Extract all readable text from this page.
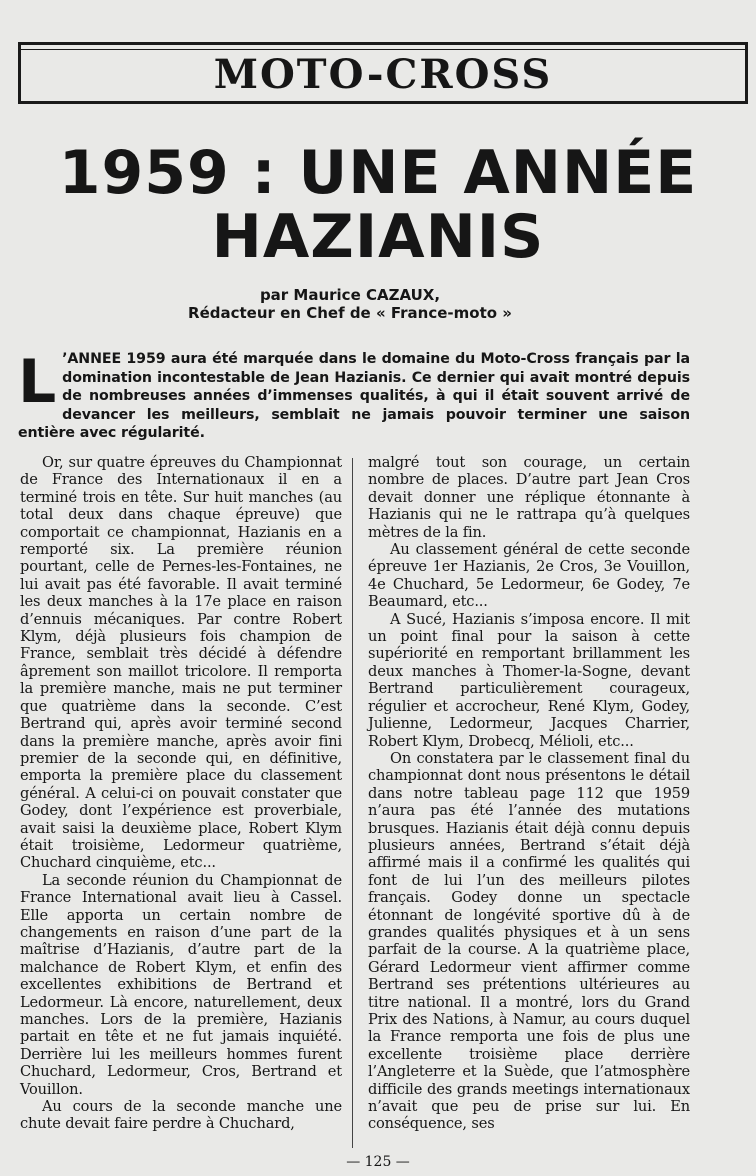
MOTO-CROSS
1959 : UNE ANNÉE
HAZIANIS
par Maurice CAZAUX,
Rédacteur en Chef de « France-moto »
L ’ANNEE 1959 aura été marquée dans le domaine du Moto-Cross français par la domination incontestable de Jean Hazianis. Ce dernier qui avait montré depuis de nombreuses années d’immenses qualités, à qui il était souvent arrivé de devancer les meilleurs, semblait ne jamais pouvoir terminer une saison entière avec régularité.

Or, sur quatre épreuves du Championnat de France des Internationaux il en a terminé trois en tête. Sur huit manches (au total deux dans chaque épreuve) que comportait ce championnat, Hazianis en a remporté six. La première réunion pourtant, celle de Pernes-les-Fontaines, ne lui avait pas été favorable. Il avait terminé les deux manches à la 17e place en raison d’ennuis mécaniques. Par contre Robert Klym, déjà plusieurs fois champion de France, semblait très décidé à défendre âprement son maillot tricolore. Il remporta la première manche, mais ne put terminer que quatrième dans la seconde. C’est Bertrand qui, après avoir terminé second dans la première manche, après avoir fini premier de la seconde qui, en définitive, emporta la première place du classement général. A celui-ci on pouvait constater que Godey, dont l’expérience est proverbiale, avait saisi la deuxième place, Robert Klym était troisième, Ledormeur quatrième, Chuchard cinquième, etc...

La seconde réunion du Championnat de France International avait lieu à Cassel. Elle apporta un certain nombre de changements en raison d’une part de la maîtrise d’Hazianis, d’autre part de la malchance de Robert Klym, et enfin des excellentes exhibitions de Bertrand et Ledormeur. Là encore, naturellement, deux manches. Lors de la première, Hazianis partait en tête et ne fut jamais inquiété. Derrière lui les meilleurs hommes furent Chuchard, Ledormeur, Cros, Bertrand et Vouillon.

Au cours de la seconde manche une chute devait faire perdre à Chuchard,

malgré tout son courage, un certain nombre de places. D’autre part Jean Cros devait donner une réplique étonnante à Hazianis qui ne le rattrapa qu’à quelques mètres de la fin.

Au classement général de cette seconde épreuve 1er Hazianis, 2e Cros, 3e Vouillon, 4e Chuchard, 5e Ledormeur, 6e Godey, 7e Beaumard, etc...

A Sucé, Hazianis s’imposa encore. Il mit un point final pour la saison à cette supériorité en remportant brillamment les deux manches à Thomer-la-Sogne, devant Bertrand particulièrement courageux, régulier et accrocheur, René Klym, Godey, Julienne, Ledormeur, Jacques Charrier, Robert Klym, Drobecq, Mélioli, etc...

On constatera par le classement final du championnat dont nous présentons le détail dans notre tableau page 112 que 1959 n’aura pas été l’année des mutations brusques. Hazianis était déjà connu depuis plusieurs années, Bertrand s’était déjà affirmé mais il a confirmé les qualités qui font de lui l’un des meilleurs pilotes français. Godey donne un spectacle étonnant de longévité sportive dû à de grandes qualités physiques et à un sens parfait de la course. A la quatrième place, Gérard Ledormeur vient affirmer comme Bertrand ses prétentions ultérieures au titre national. Il a montré, lors du Grand Prix des Nations, à Namur, au cours duquel la France remporta une fois de plus une excellente troisième place derrière l’Angleterre et la Suède, que l’atmosphère difficile des grands meetings internationaux n’avait que peu de prise sur lui. En conséquence, ses

— 125 —
